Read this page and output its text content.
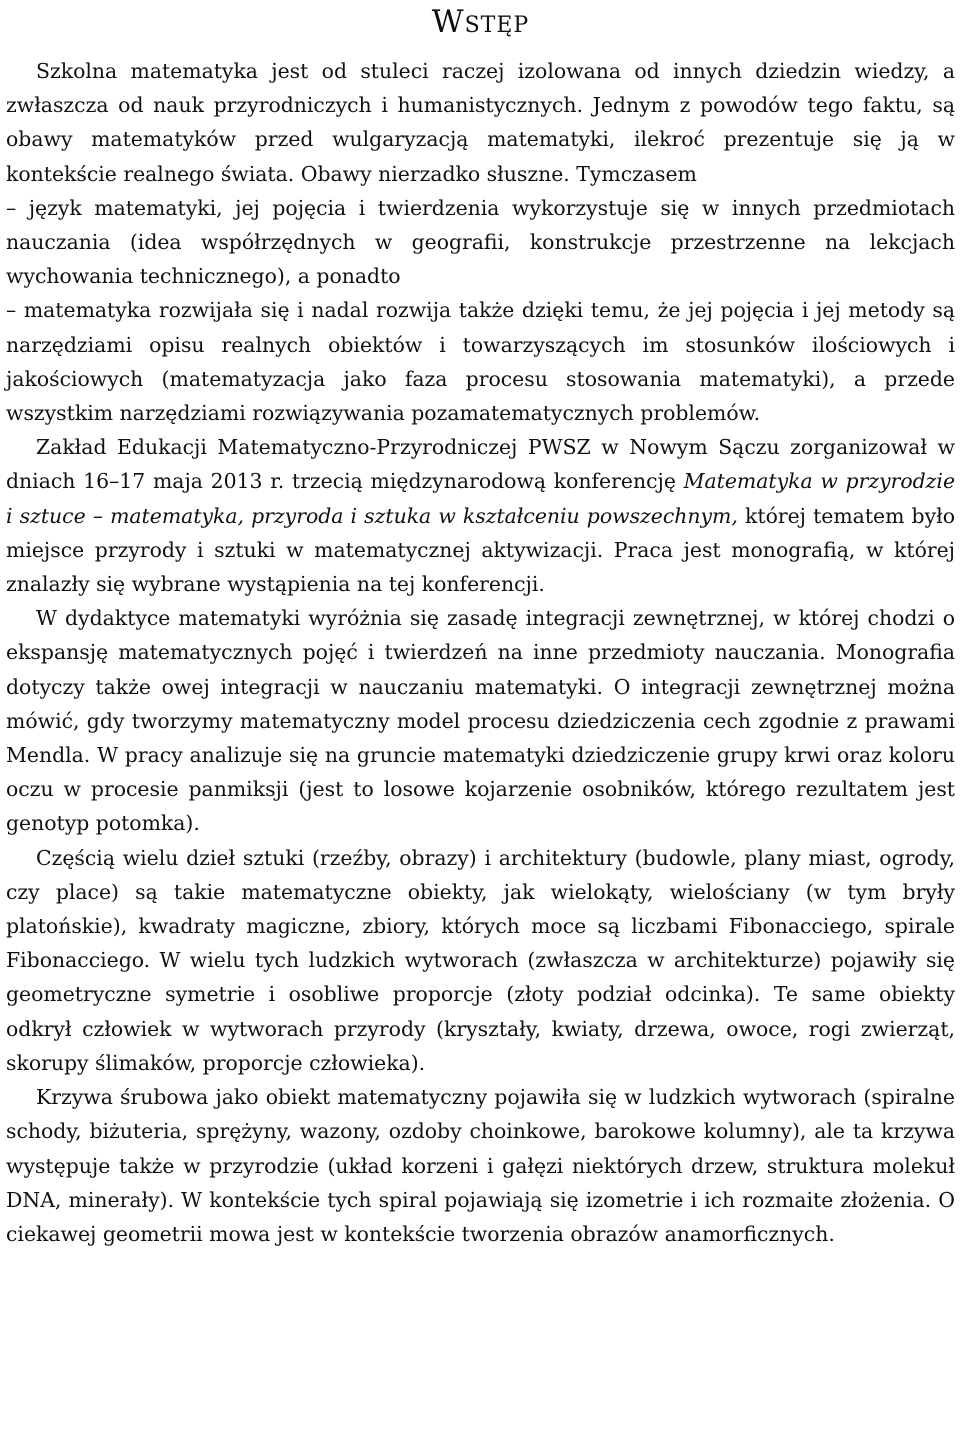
Wstęp

Szkolna matematyka jest od stuleci raczej izolowana od innych dziedzin wiedzy, a zwłaszcza od nauk przyrodniczych i humanistycznych. Jednym z powodów tego faktu, są obawy matematyków przed wulgaryzacją matematyki, ilekroć prezentuje się ją w kontekście realnego świata. Obawy nierzadko słuszne. Tymczasem

– język matematyki, jej pojęcia i twierdzenia wykorzystuje się w innych przedmiotach nauczania (idea współrzędnych w geografii, konstrukcje przestrzenne na lekcjach wychowania technicznego), a ponadto

– matematyka rozwijała się i nadal rozwija także dzięki temu, że jej pojęcia i jej metody są narzędziami opisu realnych obiektów i towarzyszących im stosunków ilościowych i jakościowych (matematyzacja jako faza procesu stosowania matematyki), a przede wszystkim narzędziami rozwiązywania pozamatematycznych problemów.

Zakład Edukacji Matematyczno-Przyrodniczej PWSZ w Nowym Sączu zorganizował w dniach 16–17 maja 2013 r. trzecią międzynarodową konferencję Matematyka w przyrodzie i sztuce – matematyka, przyroda i sztuka w kształceniu powszechnym, której tematem było miejsce przyrody i sztuki w matematycznej aktywizacji. Praca jest monografią, w której znalazły się wybrane wystąpienia na tej konferencji.

W dydaktyce matematyki wyróżnia się zasadę integracji zewnętrznej, w której chodzi o ekspansję matematycznych pojęć i twierdzeń na inne przedmioty nauczania. Monografia dotyczy także owej integracji w nauczaniu matematyki. O integracji zewnętrznej można mówić, gdy tworzymy matematyczny model procesu dziedziczenia cech zgodnie z prawami Mendla. W pracy analizuje się na gruncie matematyki dziedziczenie grupy krwi oraz koloru oczu w procesie panmiksji (jest to losowe kojarzenie osobników, którego rezultatem jest genotyp potomka).

Częścią wielu dzieł sztuki (rzeźby, obrazy) i architektury (budowle, plany miast, ogrody, czy place) są takie matematyczne obiekty, jak wielokąty, wielościany (w tym bryły platońskie), kwadraty magiczne, zbiory, których moce są liczbami Fibonacciego, spirale Fibonacciego. W wielu tych ludzkich wytworach (zwłaszcza w architekturze) pojawiły się geometryczne symetrie i osobliwe proporcje (złoty podział odcinka). Te same obiekty odkrył człowiek w wytworach przyrody (kryształy, kwiaty, drzewa, owoce, rogi zwierząt, skorupy ślimaków, proporcje człowieka).

Krzywa śrubowa jako obiekt matematyczny pojawiła się w ludzkich wytworach (spiralne schody, biżuteria, sprężyny, wazony, ozdoby choinkowe, barokowe kolumny), ale ta krzywa występuje także w przyrodzie (układ korzeni i gałęzi niektórych drzew, struktura molekuł DNA, minerały). W kontekście tych spiral pojawiają się izometrie i ich rozmaite złożenia. O ciekawej geometrii mowa jest w kontekście tworzenia obrazów anamorficznych.
